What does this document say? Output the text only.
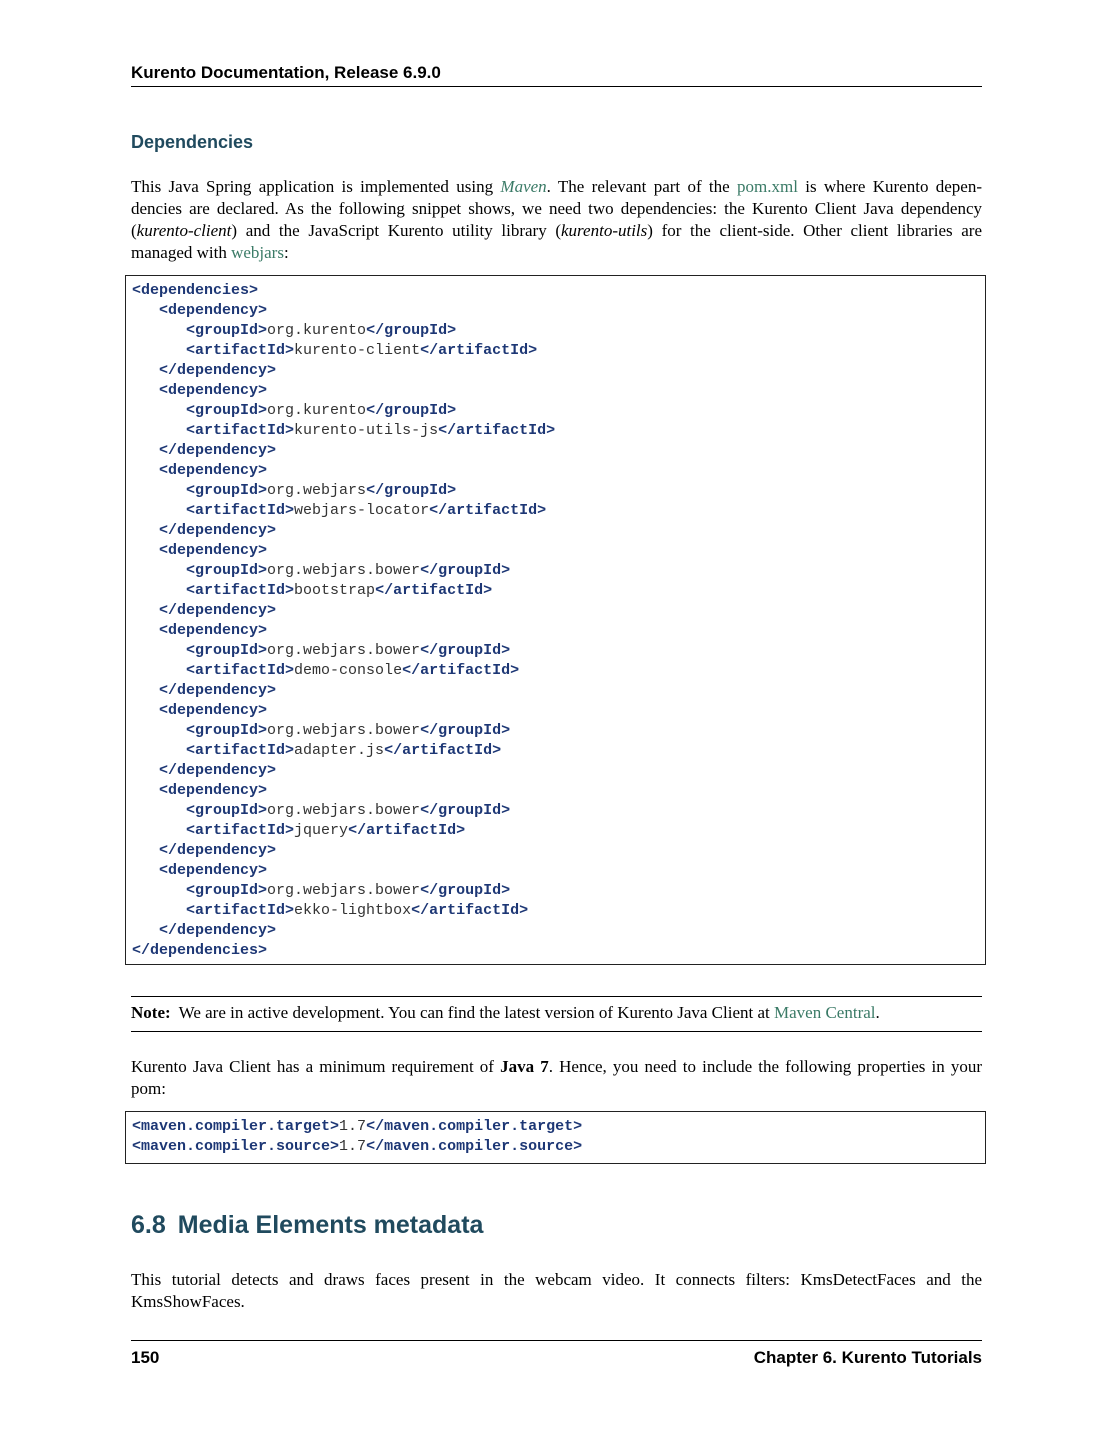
Kurento Documentation, Release 6.9.0
Dependencies
This Java Spring application is implemented using Maven. The relevant part of the pom.xml is where Kurento depen- dencies are declared. As the following snippet shows, we need two dependencies: the Kurento Client Java dependency (kurento-client) and the JavaScript Kurento utility library (kurento-utils) for the client-side. Other client libraries are managed with webjars:
<dependencies>
<dependency>
<groupId>org.kurento</groupId>
<artifactId>kurento-client</artifactId>
</dependency>
<dependency>
<groupId>org.kurento</groupId>
<artifactId>kurento-utils-js</artifactId>
</dependency>
<dependency>
<groupId>org.webjars</groupId>
<artifactId>webjars-locator</artifactId>
</dependency>
<dependency>
<groupId>org.webjars.bower</groupId>
<artifactId>bootstrap</artifactId>
</dependency>
<dependency>
<groupId>org.webjars.bower</groupId>
<artifactId>demo-console</artifactId>
</dependency>
<dependency>
<groupId>org.webjars.bower</groupId>
<artifactId>adapter.js</artifactId>
</dependency>
<dependency>
<groupId>org.webjars.bower</groupId>
<artifactId>jquery</artifactId>
</dependency>
<dependency>
<groupId>org.webjars.bower</groupId>
<artifactId>ekko-lightbox</artifactId>
</dependency>
</dependencies>
Note: We are in active development. You can find the latest version of Kurento Java Client at Maven Central.
Kurento Java Client has a minimum requirement of Java 7. Hence, you need to include the following properties in your pom:
<maven.compiler.target>1.7</maven.compiler.target>
<maven.compiler.source>1.7</maven.compiler.source>
6.8 Media Elements metadata
This tutorial detects and draws faces present in the webcam video. It connects filters: KmsDetectFaces and the KmsShowFaces.
150	Chapter 6. Kurento Tutorials
